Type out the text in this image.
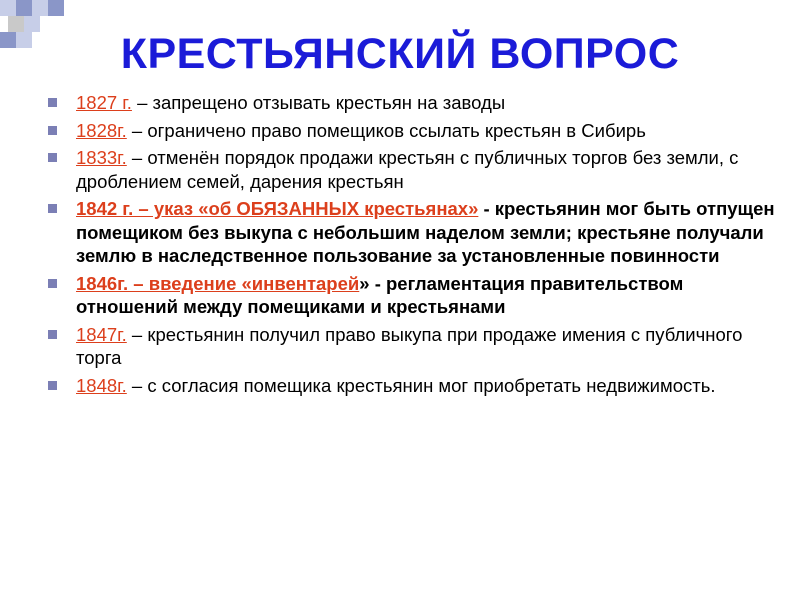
КРЕСТЬЯНСКИЙ ВОПРОС
1827 г. – запрещено отзывать крестьян на заводы
1828г. – ограничено право помещиков ссылать крестьян в Сибирь
1833г. – отменён порядок продажи крестьян с публичных торгов без земли, с дроблением семей, дарения крестьян
1842 г. – указ «об ОБЯЗАННЫХ крестьянах» - крестьянин мог быть отпущен помещиком без выкупа с небольшим наделом земли; крестьяне получали землю в наследственное пользование за установленные повинности
1846г. – введение «инвентарей» - регламентация правительством отношений между помещиками и крестьянами
1847г. – крестьянин получил право выкупа при продаже имения с публичного торга
1848г. – с согласия помещика крестьянин мог приобретать недвижимость.
